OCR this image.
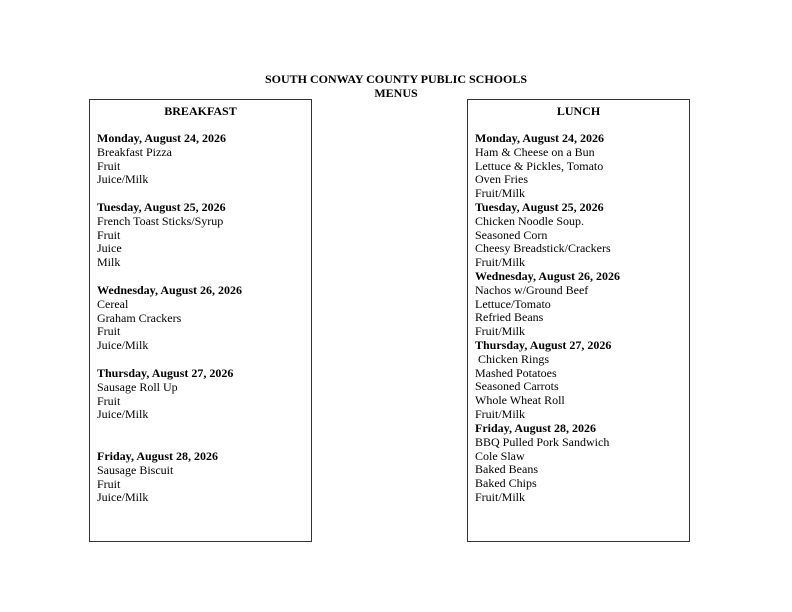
SOUTH CONWAY COUNTY PUBLIC SCHOOLS
MENUS
BREAKFAST
Monday, August 24, 2026
Breakfast Pizza
Fruit
Juice/Milk
Tuesday, August 25, 2026
French Toast Sticks/Syrup
Fruit
Juice
Milk
Wednesday, August 26, 2026
Cereal
Graham Crackers
Fruit
Juice/Milk
Thursday, August 27, 2026
Sausage Roll Up
Fruit
Juice/Milk
Friday, August 28, 2026
Sausage Biscuit
Fruit
Juice/Milk
LUNCH
Monday, August 24, 2026
Ham & Cheese on a Bun
Lettuce & Pickles, Tomato
Oven Fries
Fruit/Milk
Tuesday, August 25, 2026
Chicken Noodle Soup.
Seasoned Corn
Cheesy Breadstick/Crackers
Fruit/Milk
Wednesday, August 26, 2026
Nachos w/Ground Beef
Lettuce/Tomato
Refried Beans
Fruit/Milk
Thursday, August 27, 2026
Chicken Rings
Mashed Potatoes
Seasoned Carrots
Whole Wheat Roll
Fruit/Milk
Friday, August 28, 2026
BBQ Pulled Pork Sandwich
Cole Slaw
Baked Beans
Baked Chips
Fruit/Milk
